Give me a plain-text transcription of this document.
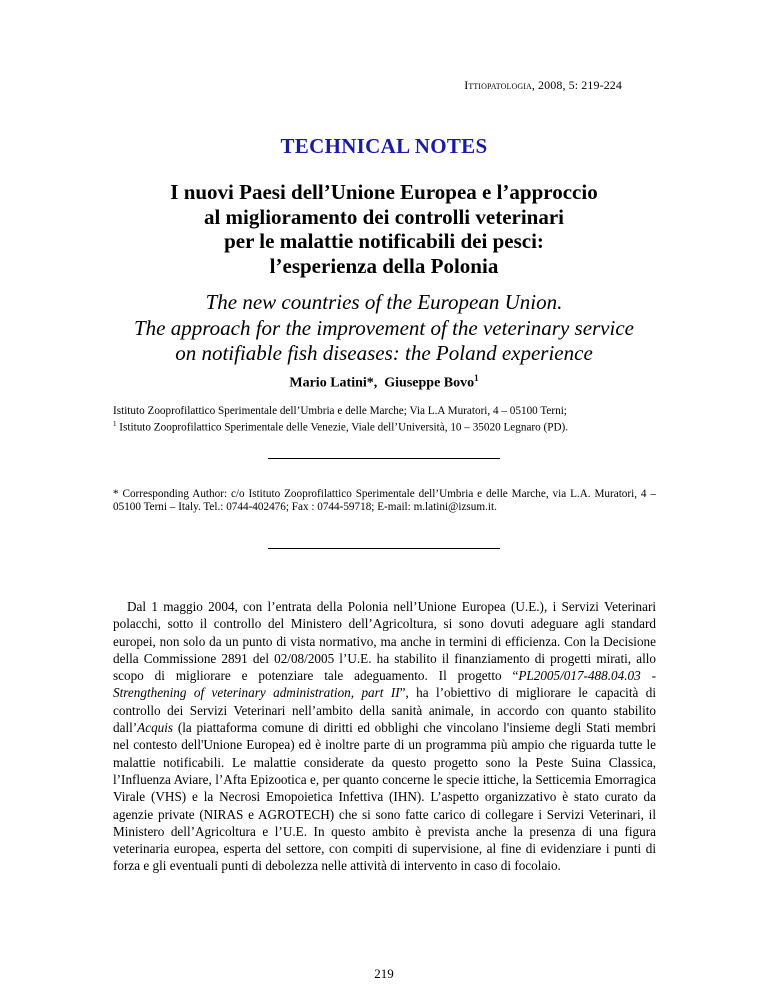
Ittiopatologia, 2008, 5: 219-224
TECHNICAL NOTES
I nuovi Paesi dell’Unione Europea e l’approccio
al miglioramento dei controlli veterinari
per le malattie notificabili dei pesci:
l’esperienza della Polonia
The new countries of the European Union.
The approach for the improvement of the veterinary service
on notifiable fish diseases: the Poland experience
Mario Latini*, Giuseppe Bovo$^1$
Istituto Zooprofilattico Sperimentale dell’Umbria e delle Marche; Via L.A Muratori, 4 – 05100 Terni;
$^1$ Istituto Zooprofilattico Sperimentale delle Venezie, Viale dell’Università, 10 – 35020 Legnaro (PD).
* Corresponding Author: c/o Istituto Zooprofilattico Sperimentale dell’Umbria e delle Marche, via L.A. Muratori, 4 – 05100 Terni – Italy. Tel.: 0744-402476; Fax : 0744-59718; E-mail: m.latini@izsum.it.
Dal 1 maggio 2004, con l’entrata della Polonia nell’Unione Europea (U.E.), i Servizi Veterinari polacchi, sotto il controllo del Ministero dell’Agricoltura, si sono dovuti adeguare agli standard europei, non solo da un punto di vista normativo, ma anche in termini di efficienza. Con la Decisione della Commissione 2891 del 02/08/2005 l’U.E. ha stabilito il finanziamento di progetti mirati, allo scopo di migliorare e potenziare tale adeguamento. Il progetto “PL2005/017-488.04.03 - Strengthening of veterinary administration, part II”, ha l’obiettivo di migliorare le capacità di controllo dei Servizi Veterinari nell’ambito della sanità animale, in accordo con quanto stabilito dall’Acquis (la piattaforma comune di diritti ed obblighi che vincolano l'insieme degli Stati membri nel contesto dell'Unione Europea) ed è inoltre parte di un programma più ampio che riguarda tutte le malattie notificabili. Le malattie considerate da questo progetto sono la Peste Suina Classica, l’Influenza Aviare, l’Afta Epizootica e, per quanto concerne le specie ittiche, la Setticemia Emorragica Virale (VHS) e la Necrosi Emopoietica Infettiva (IHN). L’aspetto organizzativo è stato curato da agenzie private (NIRAS e AGROTECH) che si sono fatte carico di collegare i Servizi Veterinari, il Ministero dell’Agricoltura e l’U.E. In questo ambito è prevista anche la presenza di una figura veterinaria europea, esperta del settore, con compiti di supervisione, al fine di evidenziare i punti di forza e gli eventuali punti di debolezza nelle attività di intervento in caso di focolaio.
219
